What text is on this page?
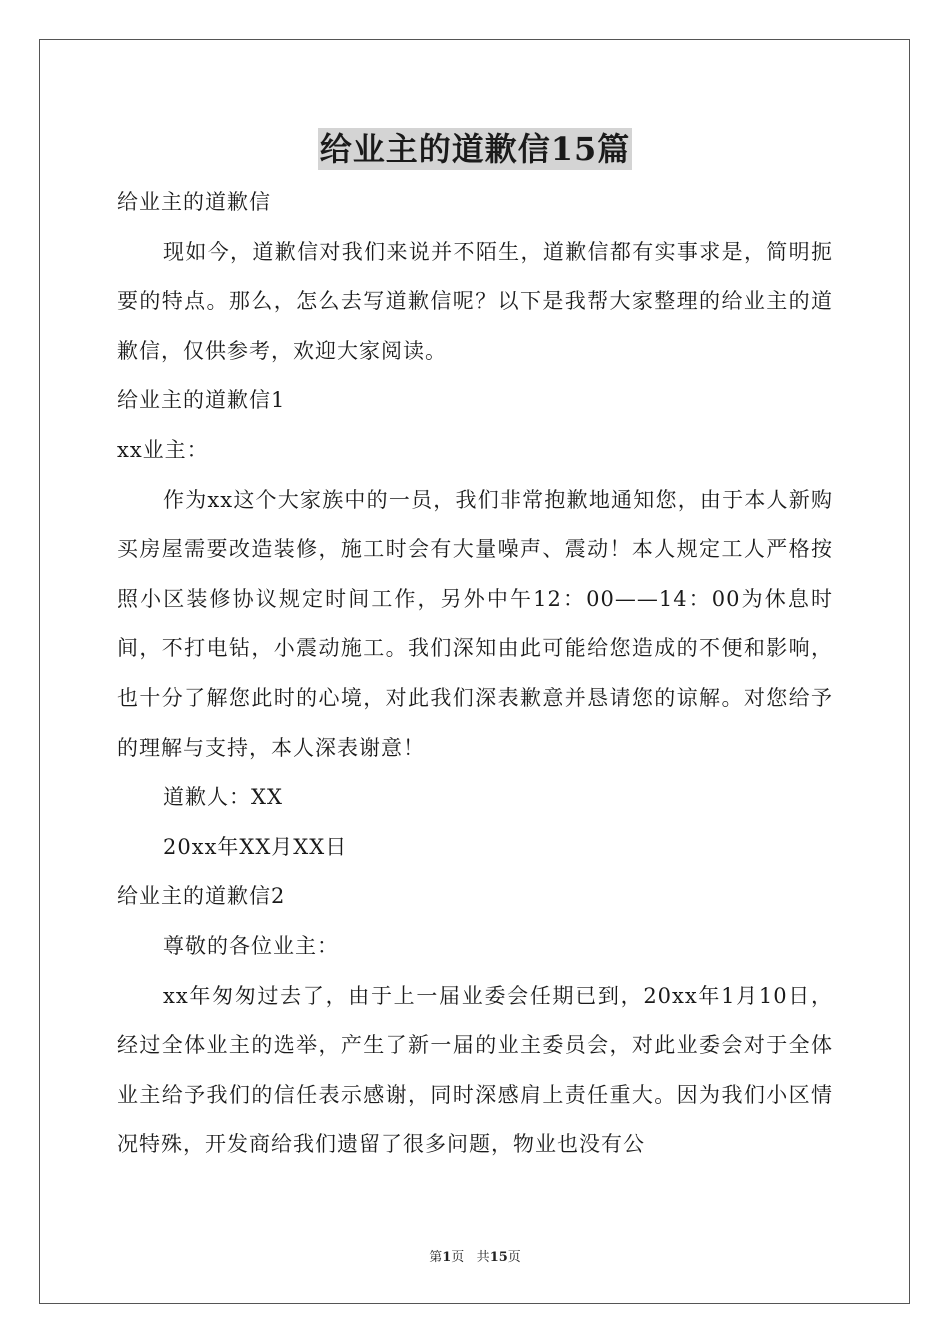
给业主的道歉信15篇

给业主的道歉信

现如今，道歉信对我们来说并不陌生，道歉信都有实事求是，简明扼要的特点。那么，怎么去写道歉信呢？以下是我帮大家整理的给业主的道歉信，仅供参考，欢迎大家阅读。

给业主的道歉信1

xx业主：

作为xx这个大家族中的一员，我们非常抱歉地通知您，由于本人新购买房屋需要改造装修，施工时会有大量噪声、震动！本人规定工人严格按照小区装修协议规定时间工作，另外中午12：00——14：00为休息时间，不打电钻，小震动施工。我们深知由此可能给您造成的不便和影响，也十分了解您此时的心境，对此我们深表歉意并恳请您的谅解。对您给予的理解与支持，本人深表谢意！

道歉人：XX

20xx年XX月XX日

给业主的道歉信2

尊敬的各位业主：

xx年匆匆过去了，由于上一届业委会任期已到，20xx年1月10日，经过全体业主的选举，产生了新一届的业主委员会，对此业委会对于全体业主给予我们的信任表示感谢，同时深感肩上责任重大。因为我们小区情况特殊，开发商给我们遗留了很多问题，物业也没有公

第1页 共15页
